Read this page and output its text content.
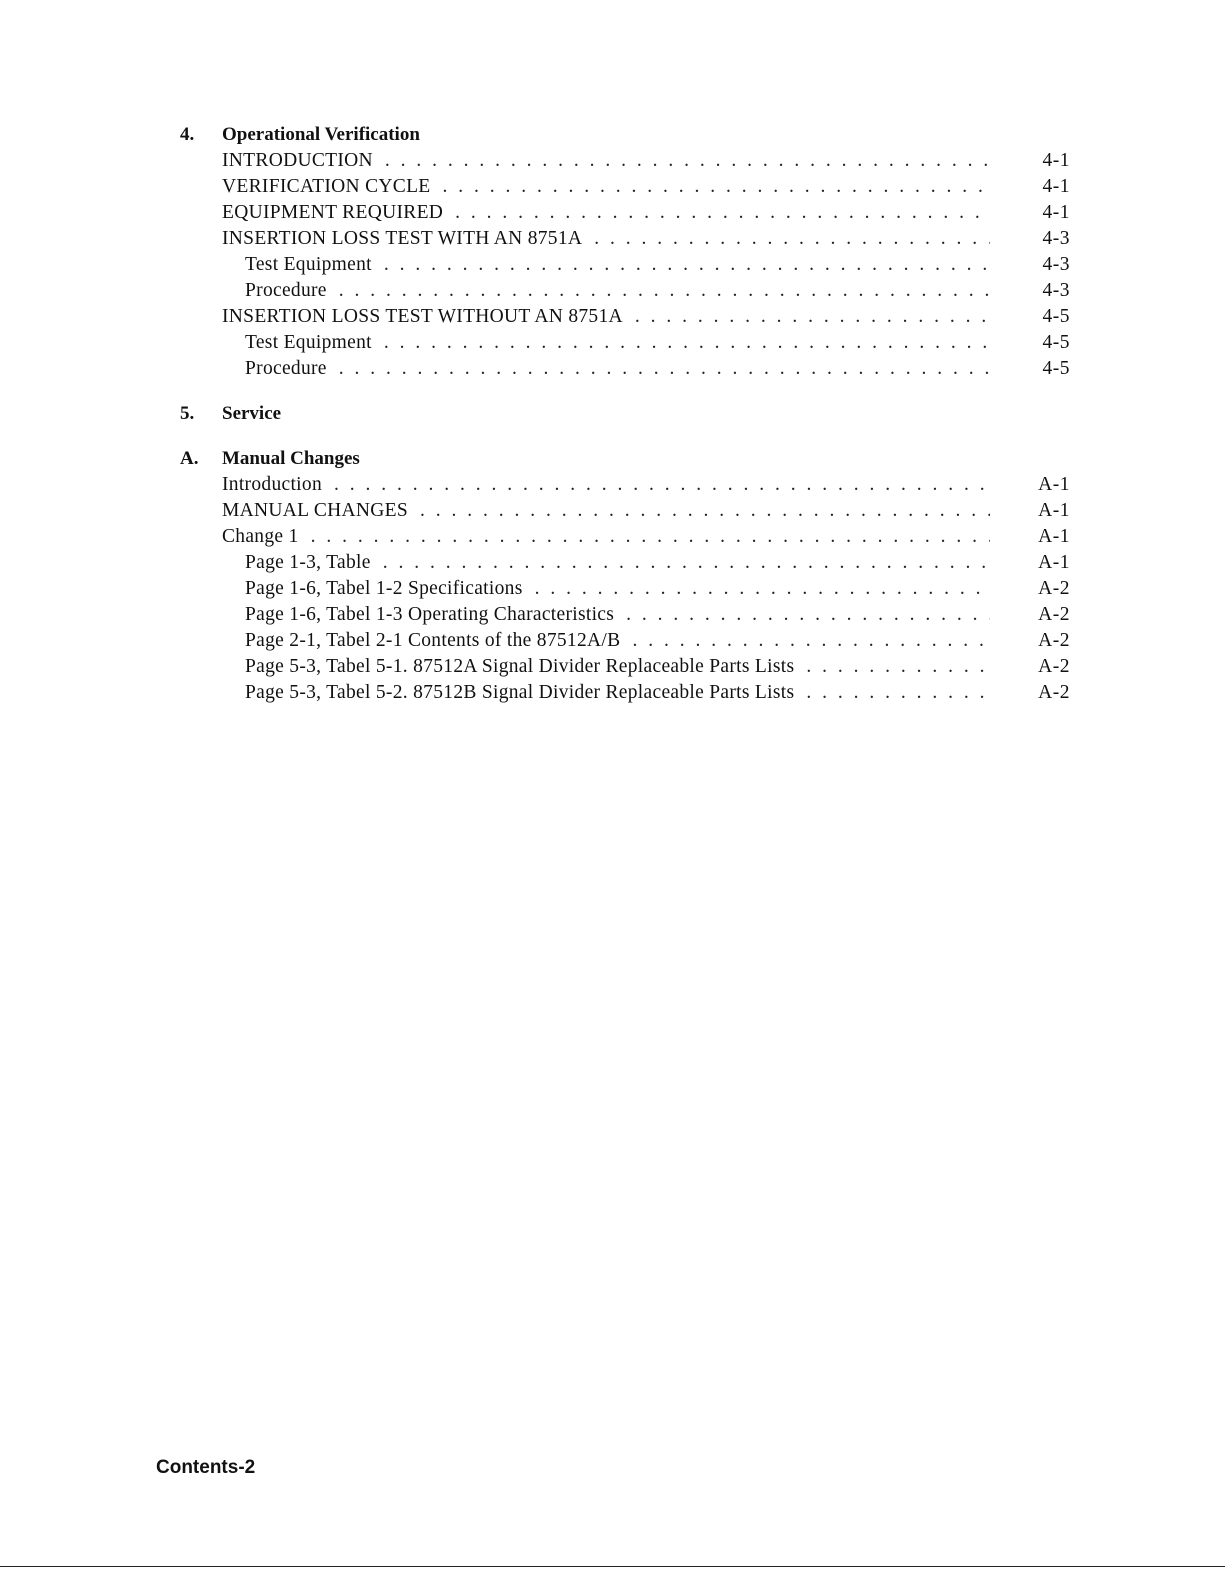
4.	Operational Verification
INTRODUCTION . . .	4-1
VERIFICATION CYCLE . . .	4-1
EQUIPMENT REQUIRED . . .	4-1
INSERTION LOSS TEST WITH AN 8751A . . .	4-3
Test Equipment . . .	4-3
Procedure . . .	4-3
INSERTION LOSS TEST WITHOUT AN 8751A . . .	4-5
Test Equipment . . .	4-5
Procedure . . .	4-5
5.	Service
A.	Manual Changes
Introduction . . .	A-1
MANUAL CHANGES . . .	A-1
Change 1 . . .	A-1
Page 1-3, Table . . .	A-1
Page 1-6, Tabel 1-2 Specifications . . .	A-2
Page 1-6, Tabel 1-3 Operating Characteristics . . .	A-2
Page 2-1, Tabel 2-1 Contents of the 87512A/B . . .	A-2
Page 5-3, Tabel 5-1. 87512A Signal Divider Replaceable Parts Lists . . .	A-2
Page 5-3, Tabel 5-2. 87512B Signal Divider Replaceable Parts Lists . . .	A-2
Contents-2
